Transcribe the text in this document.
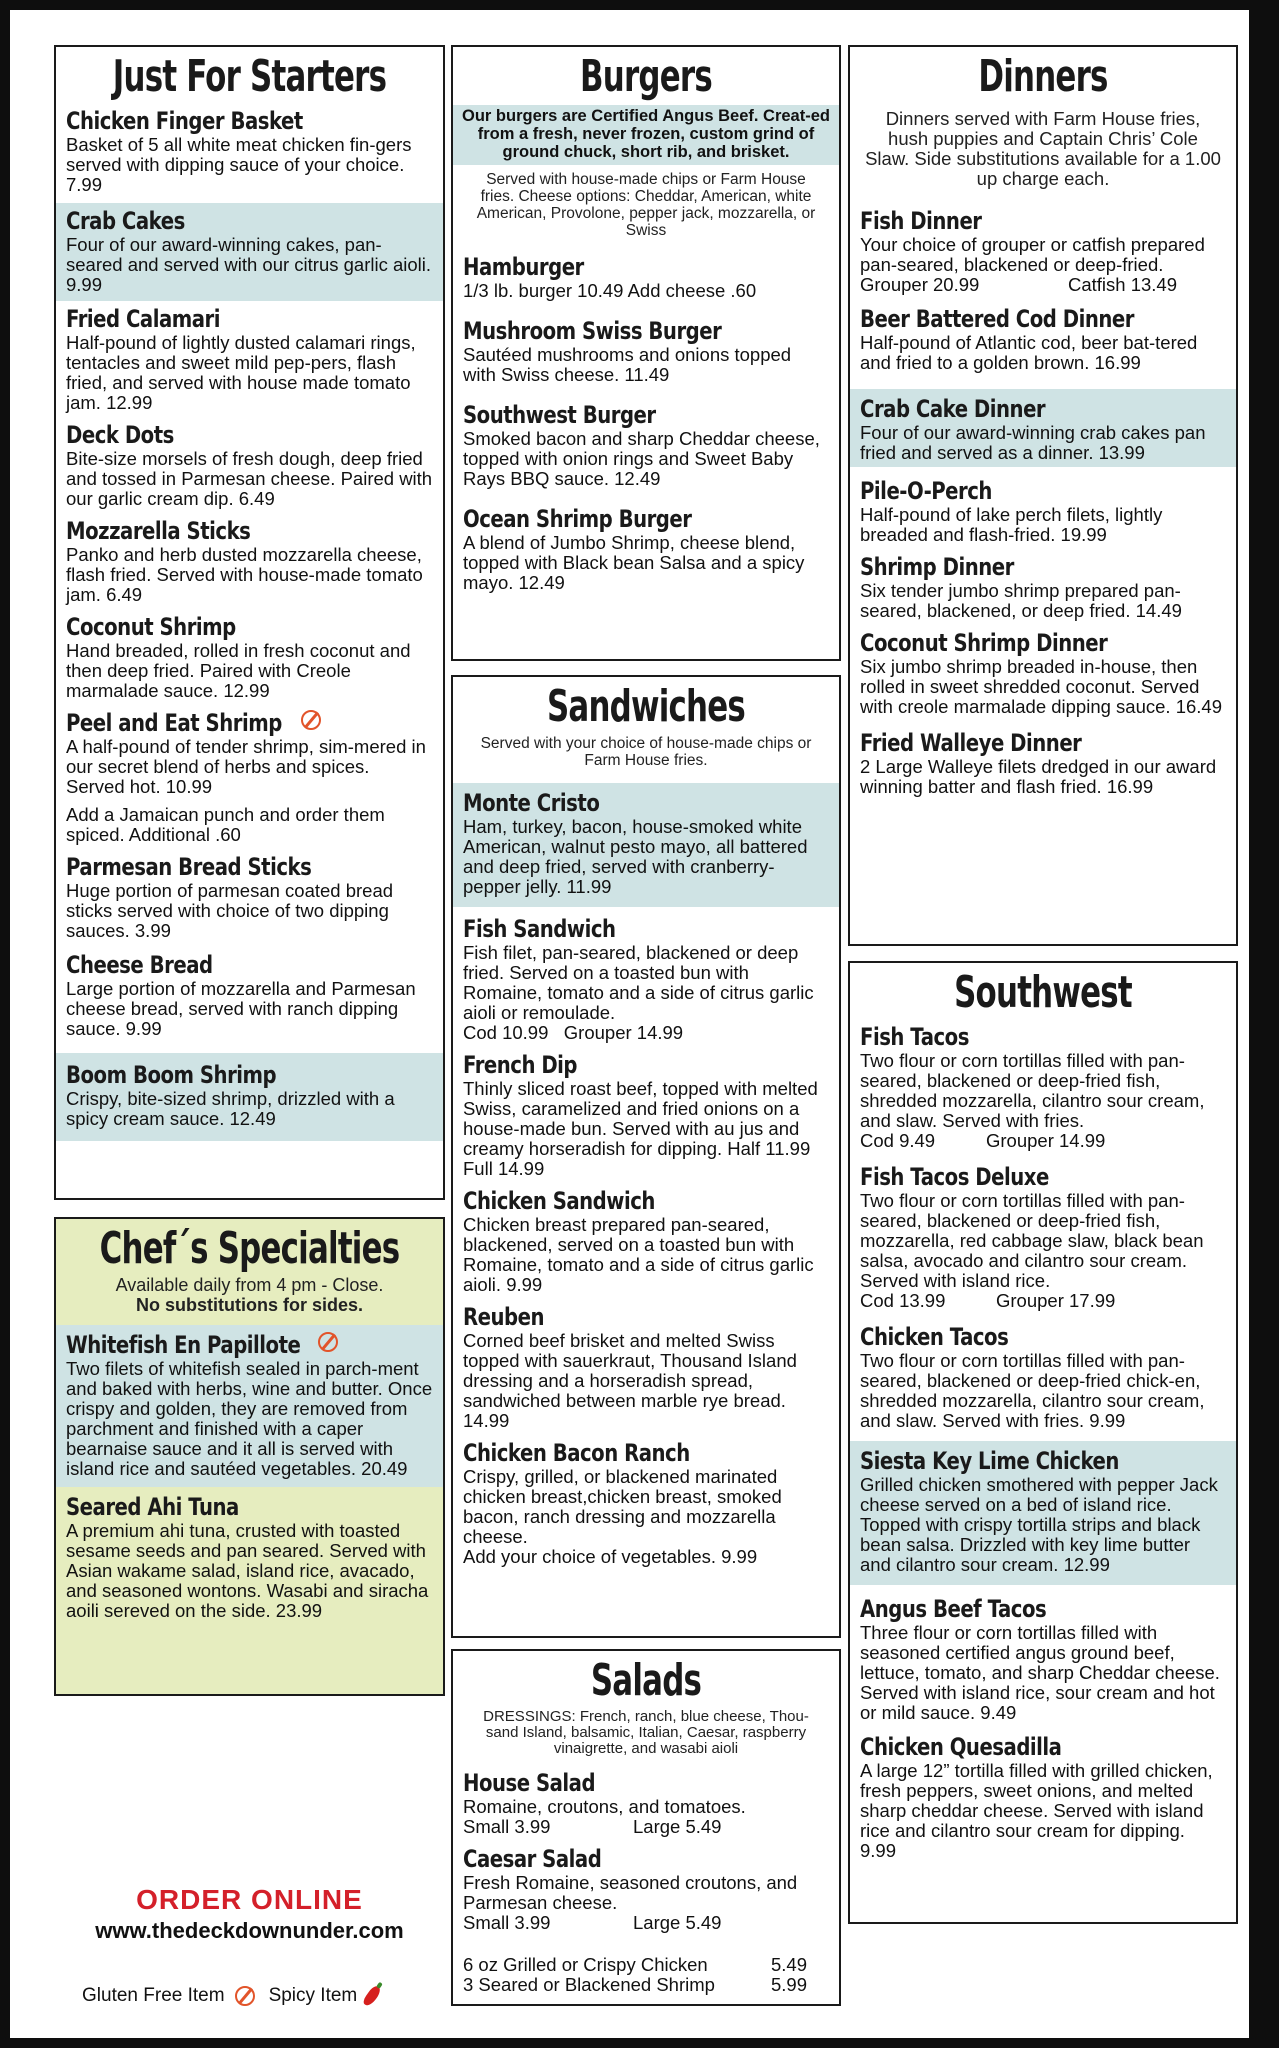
Just For Starters
Chicken Finger Basket
Basket of 5 all white meat chicken fin-gers served with dipping sauce of your choice. 7.99
Crab Cakes
Four of our award-winning cakes, pan-seared and served with our citrus garlic aioli. 9.99
Fried Calamari
Half-pound of lightly dusted calamari rings, tentacles and sweet mild pep-pers, flash fried, and served with house made tomato jam. 12.99
Deck Dots
Bite-size morsels of fresh dough, deep fried and tossed in Parmesan cheese. Paired with our garlic cream dip. 6.49
Mozzarella Sticks
Panko and herb dusted mozzarella cheese, flash fried. Served with house-made tomato jam. 6.49
Coconut Shrimp
Hand breaded, rolled in fresh coconut and then deep fried. Paired with Creole marmalade sauce. 12.99
Peel and Eat Shrimp
A half-pound of tender shrimp, sim-mered in our secret blend of herbs and spices. Served hot. 10.99
Add a Jamaican punch and order them spiced. Additional .60
Parmesan Bread Sticks
Huge portion of parmesan coated bread sticks served with choice of two dipping sauces. 3.99
Cheese Bread
Large portion of mozzarella and Parmesan cheese bread, served with ranch dipping sauce. 9.99
Boom Boom Shrimp
Crispy, bite-sized shrimp, drizzled with a spicy cream sauce. 12.49
Chef´s Specialties
Available daily from 4 pm - Close.
No substitutions for sides.
Whitefish En Papillote
Two filets of whitefish sealed in parch-ment and baked with herbs, wine and butter. Once crispy and golden, they are removed from parchment and finished with a caper bearnaise sauce and it all is served with island rice and sautéed vegetables. 20.49
Seared Ahi Tuna
A premium ahi tuna, crusted with toasted sesame seeds and pan seared. Served with Asian wakame salad, island rice, avacado, and seasoned wontons. Wasabi and siracha aoili sereved on the side. 23.99
ORDER ONLINE
www.thedeckdownunder.com
Gluten Free Item Spicy Item
Burgers
Our burgers are Certified Angus Beef. Creat-ed from a fresh, never frozen, custom grind of ground chuck, short rib, and brisket.
Served with house-made chips or Farm House fries. Cheese options: Cheddar, American, white American, Provolone, pepper jack, mozzarella, or Swiss
Hamburger
1/3 lb. burger 10.49 Add cheese .60
Mushroom Swiss Burger
Sautéed mushrooms and onions topped with Swiss cheese. 11.49
Southwest Burger
Smoked bacon and sharp Cheddar cheese, topped with onion rings and Sweet Baby Rays BBQ sauce. 12.49
Ocean Shrimp Burger
A blend of Jumbo Shrimp, cheese blend, topped with Black bean Salsa and a spicy mayo. 12.49
Sandwiches
Served with your choice of house-made chips or Farm House fries.
Monte Cristo
Ham, turkey, bacon, house-smoked white American, walnut pesto mayo, all battered and deep fried, served with cranberry-pepper jelly. 11.99
Fish Sandwich
Fish filet, pan-seared, blackened or deep fried. Served on a toasted bun with Romaine, tomato and a side of citrus garlic aioli or remoulade.
Cod 10.99   Grouper 14.99
French Dip
Thinly sliced roast beef, topped with melted Swiss, caramelized and fried onions on a house-made bun. Served with au jus and creamy horseradish for dipping. Half 11.99 Full 14.99
Chicken Sandwich
Chicken breast prepared pan-seared, blackened, served on a toasted bun with Romaine, tomato and a side of citrus garlic aioli. 9.99
Reuben
Corned beef brisket and melted Swiss topped with sauerkraut, Thousand Island dressing and a horseradish spread, sandwiched between marble rye bread. 14.99
Chicken Bacon Ranch
Crispy, grilled, or blackened marinated chicken breast,chicken breast, smoked bacon, ranch dressing and mozzarella cheese.
Add your choice of vegetables. 9.99
Salads
DRESSINGS: French, ranch, blue cheese, Thou-sand Island, balsamic, Italian, Caesar, raspberry vinaigrette, and wasabi aioli
House Salad
Romaine, croutons, and tomatoes.
Small 3.99	Large 5.49
Caesar Salad
Fresh Romaine, seasoned croutons, and Parmesan cheese.
Small 3.99	Large 5.49
6 oz Grilled or Crispy Chicken	5.49
3 Seared or Blackened Shrimp	5.99
Dinners
Dinners served with Farm House fries, hush puppies and Captain Chris’ Cole Slaw. Side substitutions available for a 1.00 up charge each.
Fish Dinner
Your choice of grouper or catfish prepared pan-seared, blackened or deep-fried.
Grouper 20.99	Catfish 13.49
Beer Battered Cod Dinner
Half-pound of Atlantic cod, beer bat-tered and fried to a golden brown. 16.99
Crab Cake Dinner
Four of our award-winning crab cakes pan fried and served as a dinner. 13.99
Pile-O-Perch
Half-pound of lake perch filets, lightly breaded and flash-fried. 19.99
Shrimp Dinner
Six tender jumbo shrimp prepared pan-seared, blackened, or deep fried. 14.49
Coconut Shrimp Dinner
Six jumbo shrimp breaded in-house, then rolled in sweet shredded coconut. Served with creole marmalade dipping sauce. 16.49
Fried Walleye Dinner
2 Large Walleye filets dredged in our award winning batter and flash fried. 16.99
Southwest
Fish Tacos
Two flour or corn tortillas filled with pan-seared, blackened or deep-fried fish, shredded mozzarella, cilantro sour cream, and slaw. Served with fries.
Cod 9.49	Grouper 14.99
Fish Tacos Deluxe
Two flour or corn tortillas filled with pan-seared, blackened or deep-fried fish, mozzarella, red cabbage slaw, black bean salsa, avocado and cilantro sour cream. Served with island rice.
Cod 13.99	Grouper 17.99
Chicken Tacos
Two flour or corn tortillas filled with pan-seared, blackened or deep-fried chick-en, shredded mozzarella, cilantro sour cream, and slaw. Served with fries. 9.99
Siesta Key Lime Chicken
Grilled chicken smothered with pepper Jack cheese served on a bed of island rice. Topped with crispy tortilla strips and black bean salsa. Drizzled with key lime butter and cilantro sour cream. 12.99
Angus Beef Tacos
Three flour or corn tortillas filled with seasoned certified angus ground beef, lettuce, tomato, and sharp Cheddar cheese. Served with island rice, sour cream and hot or mild sauce. 9.49
Chicken Quesadilla
A large 12” tortilla filled with grilled chicken, fresh peppers, sweet onions, and melted sharp cheddar cheese. Served with island rice and cilantro sour cream for dipping. 9.99
